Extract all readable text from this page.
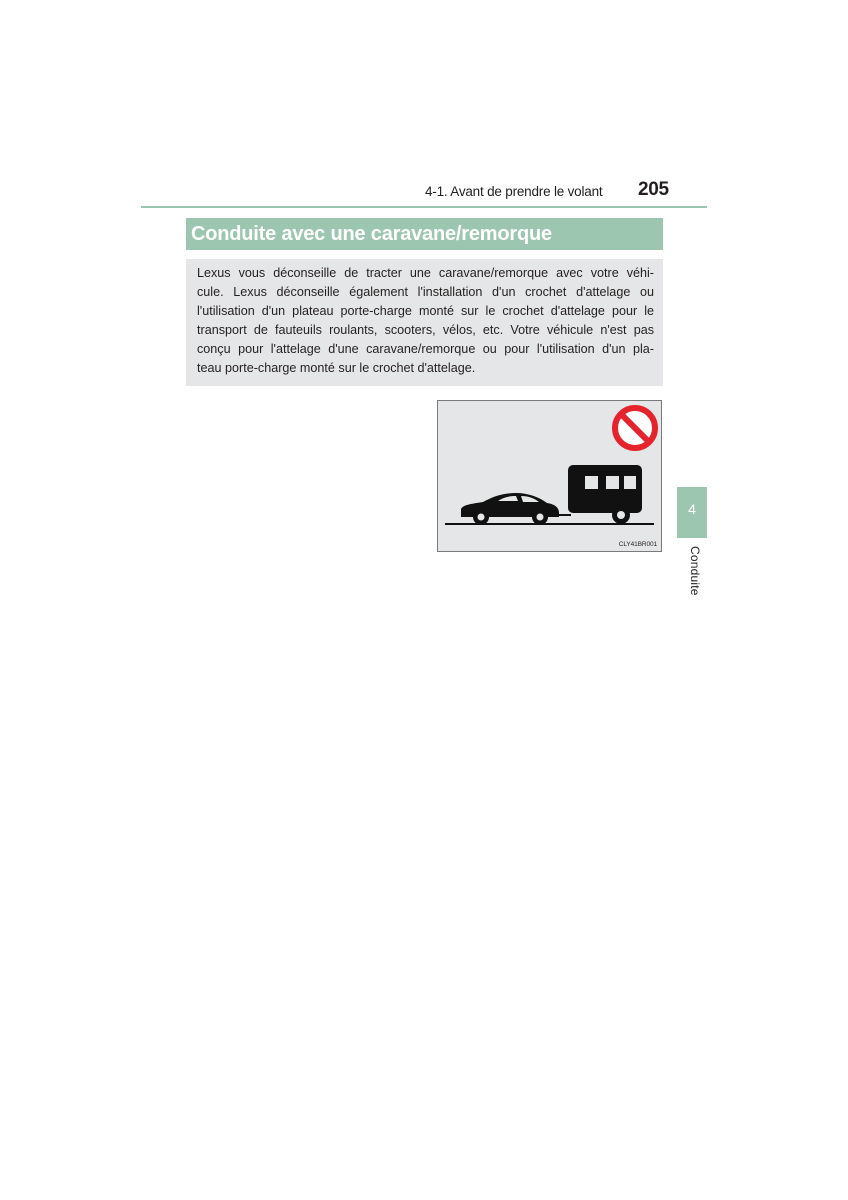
4-1. Avant de prendre le volant 205
Conduite avec une caravane/remorque
Lexus vous déconseille de tracter une caravane/remorque avec votre véhi-
cule. Lexus déconseille également l'installation d'un crochet d'attelage ou
l'utilisation d'un plateau porte-charge monté sur le crochet d'attelage pour le
transport de fauteuils roulants, scooters, vélos, etc. Votre véhicule n'est pas
conçu pour l'attelage d'une caravane/remorque ou pour l'utilisation d'un pla-
teau porte-charge monté sur le crochet d'attelage.
CLY41BR001
4
Conduite
